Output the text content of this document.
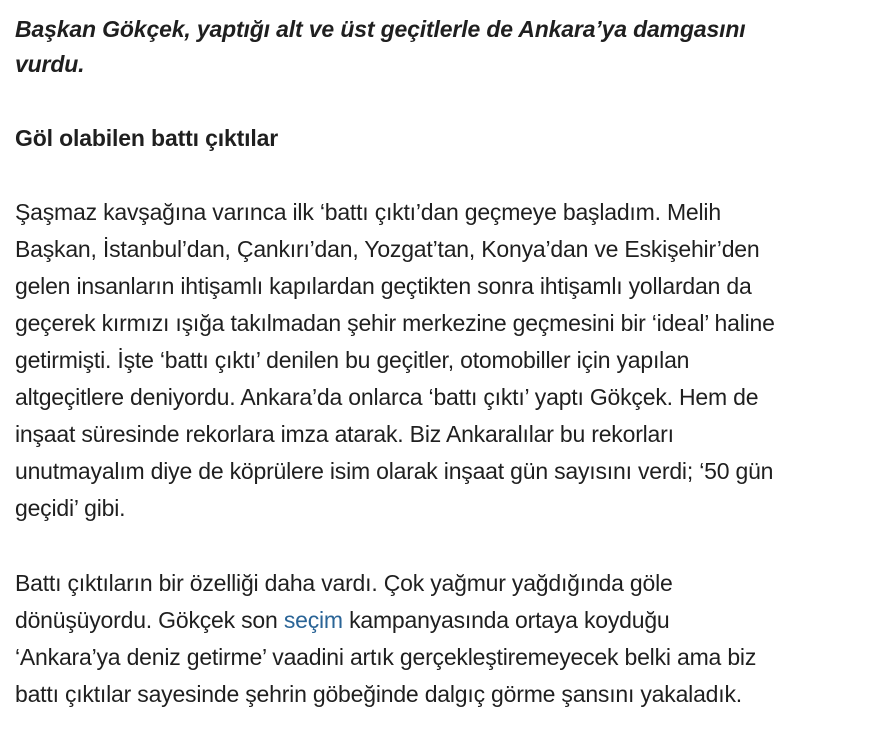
Başkan Gökçek, yaptığı alt ve üst geçitlerle de Ankara’ya damgasını
vurdu.

Göl olabilen battı çıktılar

Şaşmaz kavşağına varınca ilk ‘battı çıktı’dan geçmeye başladım. Melih
Başkan, İstanbul’dan, Çankırı’dan, Yozgat’tan, Konya’dan ve Eskişehir’den
gelen insanların ihtişamlı kapılardan geçtikten sonra ihtişamlı yollardan da
geçerek kırmızı ışığa takılmadan şehir merkezine geçmesini bir ‘ideal’ haline
getirmişti. İşte ‘battı çıktı’ denilen bu geçitler, otomobiller için yapılan
altgeçitlere deniyordu. Ankara’da onlarca ‘battı çıktı’ yaptı Gökçek. Hem de
inşaat süresinde rekorlara imza atarak. Biz Ankaralılar bu rekorları
unutmayalım diye de köprülere isim olarak inşaat gün sayısını verdi; ‘50 gün
geçidi’ gibi.

Battı çıktıların bir özelliği daha vardı. Çok yağmur yağdığında göle
dönüşüyordu. Gökçek son seçim kampanyasında ortaya koyduğu
‘Ankara’ya deniz getirme’ vaadini artık gerçekleştiremeyecek belki ama biz
battı çıktılar sayesinde şehrin göbeğinde dalgıç görme şansını yakaladık.
